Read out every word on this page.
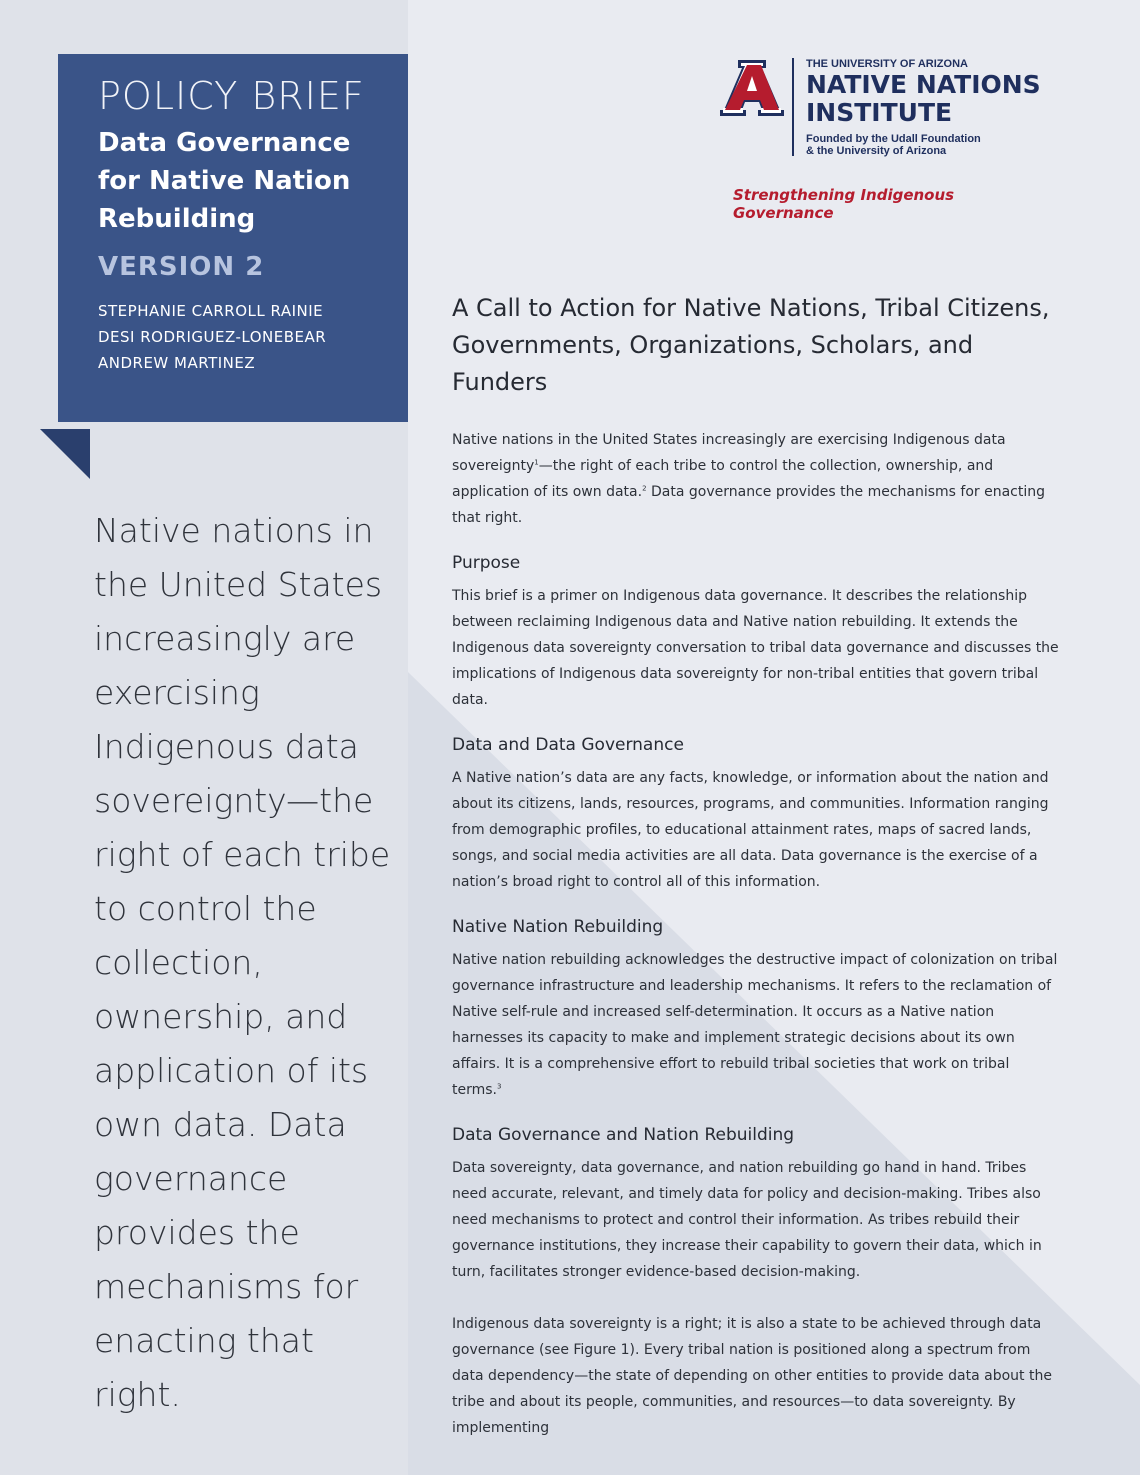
POLICY BRIEF
Data Governance
for Native Nation
Rebuilding
VERSION 2
STEPHANIE CARROLL RAINIE
DESI RODRIGUEZ-LONEBEAR
ANDREW MARTINEZ
Native nations in the United States increasingly are exercising Indigenous data sovereignty—the right of each tribe to control the collection, ownership, and application of its own data. Data governance provides the mechanisms for enacting that right.
THE UNIVERSITY OF ARIZONA
NATIVE NATIONS
INSTITUTE
Founded by the Udall Foundation
& the University of Arizona
Strengthening Indigenous Governance
A Call to Action for Native Nations, Tribal Citizens, Governments, Organizations, Scholars, and Funders

Native nations in the United States increasingly are exercising Indigenous data sovereignty$^1$—the right of each tribe to control the collection, ownership, and application of its own data.$^2$ Data governance provides the mechanisms for enacting that right.

Purpose

This brief is a primer on Indigenous data governance. It describes the relationship between reclaiming Indigenous data and Native nation rebuilding. It extends the Indigenous data sovereignty conversation to tribal data governance and discusses the implications of Indigenous data sovereignty for non-tribal entities that govern tribal data.

Data and Data Governance

A Native nation’s data are any facts, knowledge, or information about the nation and about its citizens, lands, resources, programs, and communities. Information ranging from demographic profiles, to educational attainment rates, maps of sacred lands, songs, and social media activities are all data. Data governance is the exercise of a nation’s broad right to control all of this information.

Native Nation Rebuilding

Native nation rebuilding acknowledges the destructive impact of colonization on tribal governance infrastructure and leadership mechanisms. It refers to the reclamation of Native self-rule and increased self-determination. It occurs as a Native nation harnesses its capacity to make and implement strategic decisions about its own affairs. It is a comprehensive effort to rebuild tribal societies that work on tribal terms.$^3$

Data Governance and Nation Rebuilding

Data sovereignty, data governance, and nation rebuilding go hand in hand. Tribes need accurate, relevant, and timely data for policy and decision-making. Tribes also need mechanisms to protect and control their information. As tribes rebuild their governance institutions, they increase their capability to govern their data, which in turn, facilitates stronger evidence-based decision-making.

Indigenous data sovereignty is a right; it is also a state to be achieved through data governance (see Figure 1). Every tribal nation is positioned along a spectrum from data dependency—the state of depending on other entities to provide data about the tribe and about its people, communities, and resources—to data sovereignty. By implementing
